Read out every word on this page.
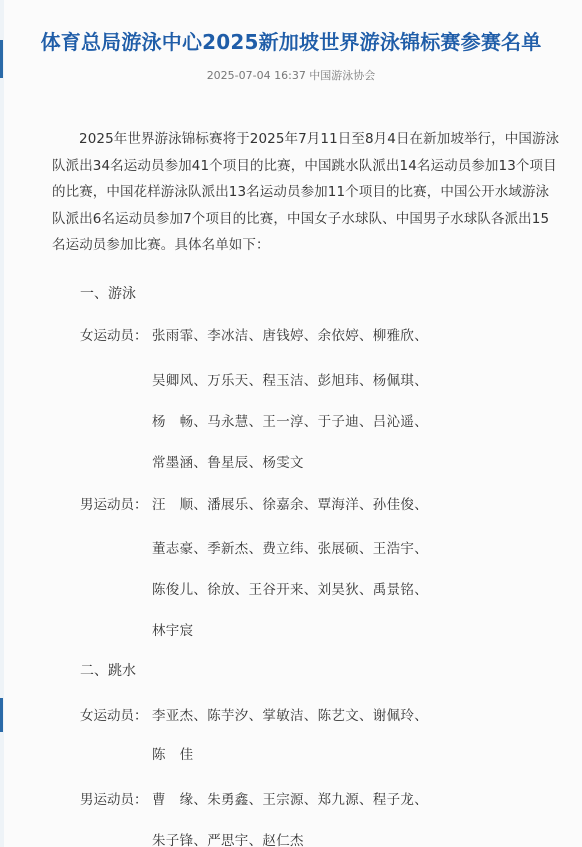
体育总局游泳中心2025新加坡世界游泳锦标赛参赛名单
2025-07-04 16:37 中国游泳协会

2025年世界游泳锦标赛将于2025年7月11日至8月4日在新加坡举行，中国游泳队派出34名运动员参加41个项目的比赛，中国跳水队派出14名运动员参加13个项目的比赛，中国花样游泳队派出13名运动员参加11个项目的比赛，中国公开水域游泳队派出6名运动员参加7个项目的比赛，中国女子水球队、中国男子水球队各派出15名运动员参加比赛。具体名单如下：

一、游泳
女运动员： 张雨霏、李冰洁、唐钱婷、余依婷、柳雅欣、
吴卿风、万乐天、程玉洁、彭旭玮、杨佩琪、
杨　畅、马永慧、王一淳、于子迪、吕沁遥、
常墨涵、鲁星辰、杨雯文
男运动员： 汪　顺、潘展乐、徐嘉余、覃海洋、孙佳俊、
董志豪、季新杰、费立纬、张展硕、王浩宇、
陈俊儿、徐放、王谷开来、刘昊狄、禹景铭、
林宇宸
二、跳水
女运动员： 李亚杰、陈芋汐、掌敏洁、陈艺文、谢佩玲、
陈　佳
男运动员： 曹　缘、朱勇鑫、王宗源、郑九源、程子龙、
朱子锋、严思宇、赵仁杰
